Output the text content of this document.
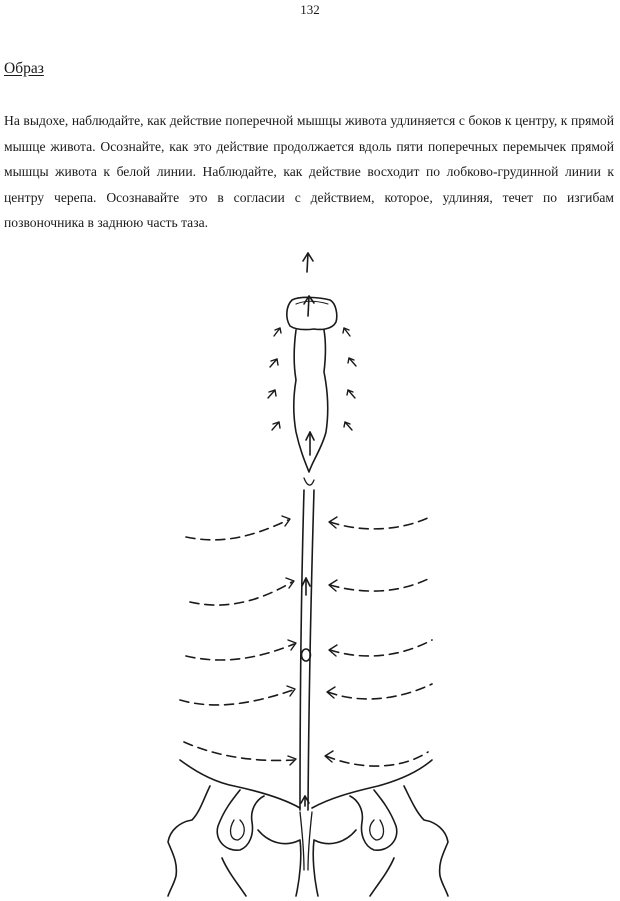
132
Образ

На выдохе, наблюдайте, как действие поперечной мышцы живота удлиняется с боков к центру, к прямой мышце живота. Осознайте, как это действие продолжается вдоль пяти поперечных перемычек прямой мышцы живота к белой линии. Наблюдайте, как действие восходит по лобково-грудинной линии к центру черепа. Осознавайте это в согласии с действием, которое, удлиняя, течет по изгибам позвоночника в заднюю часть таза.
